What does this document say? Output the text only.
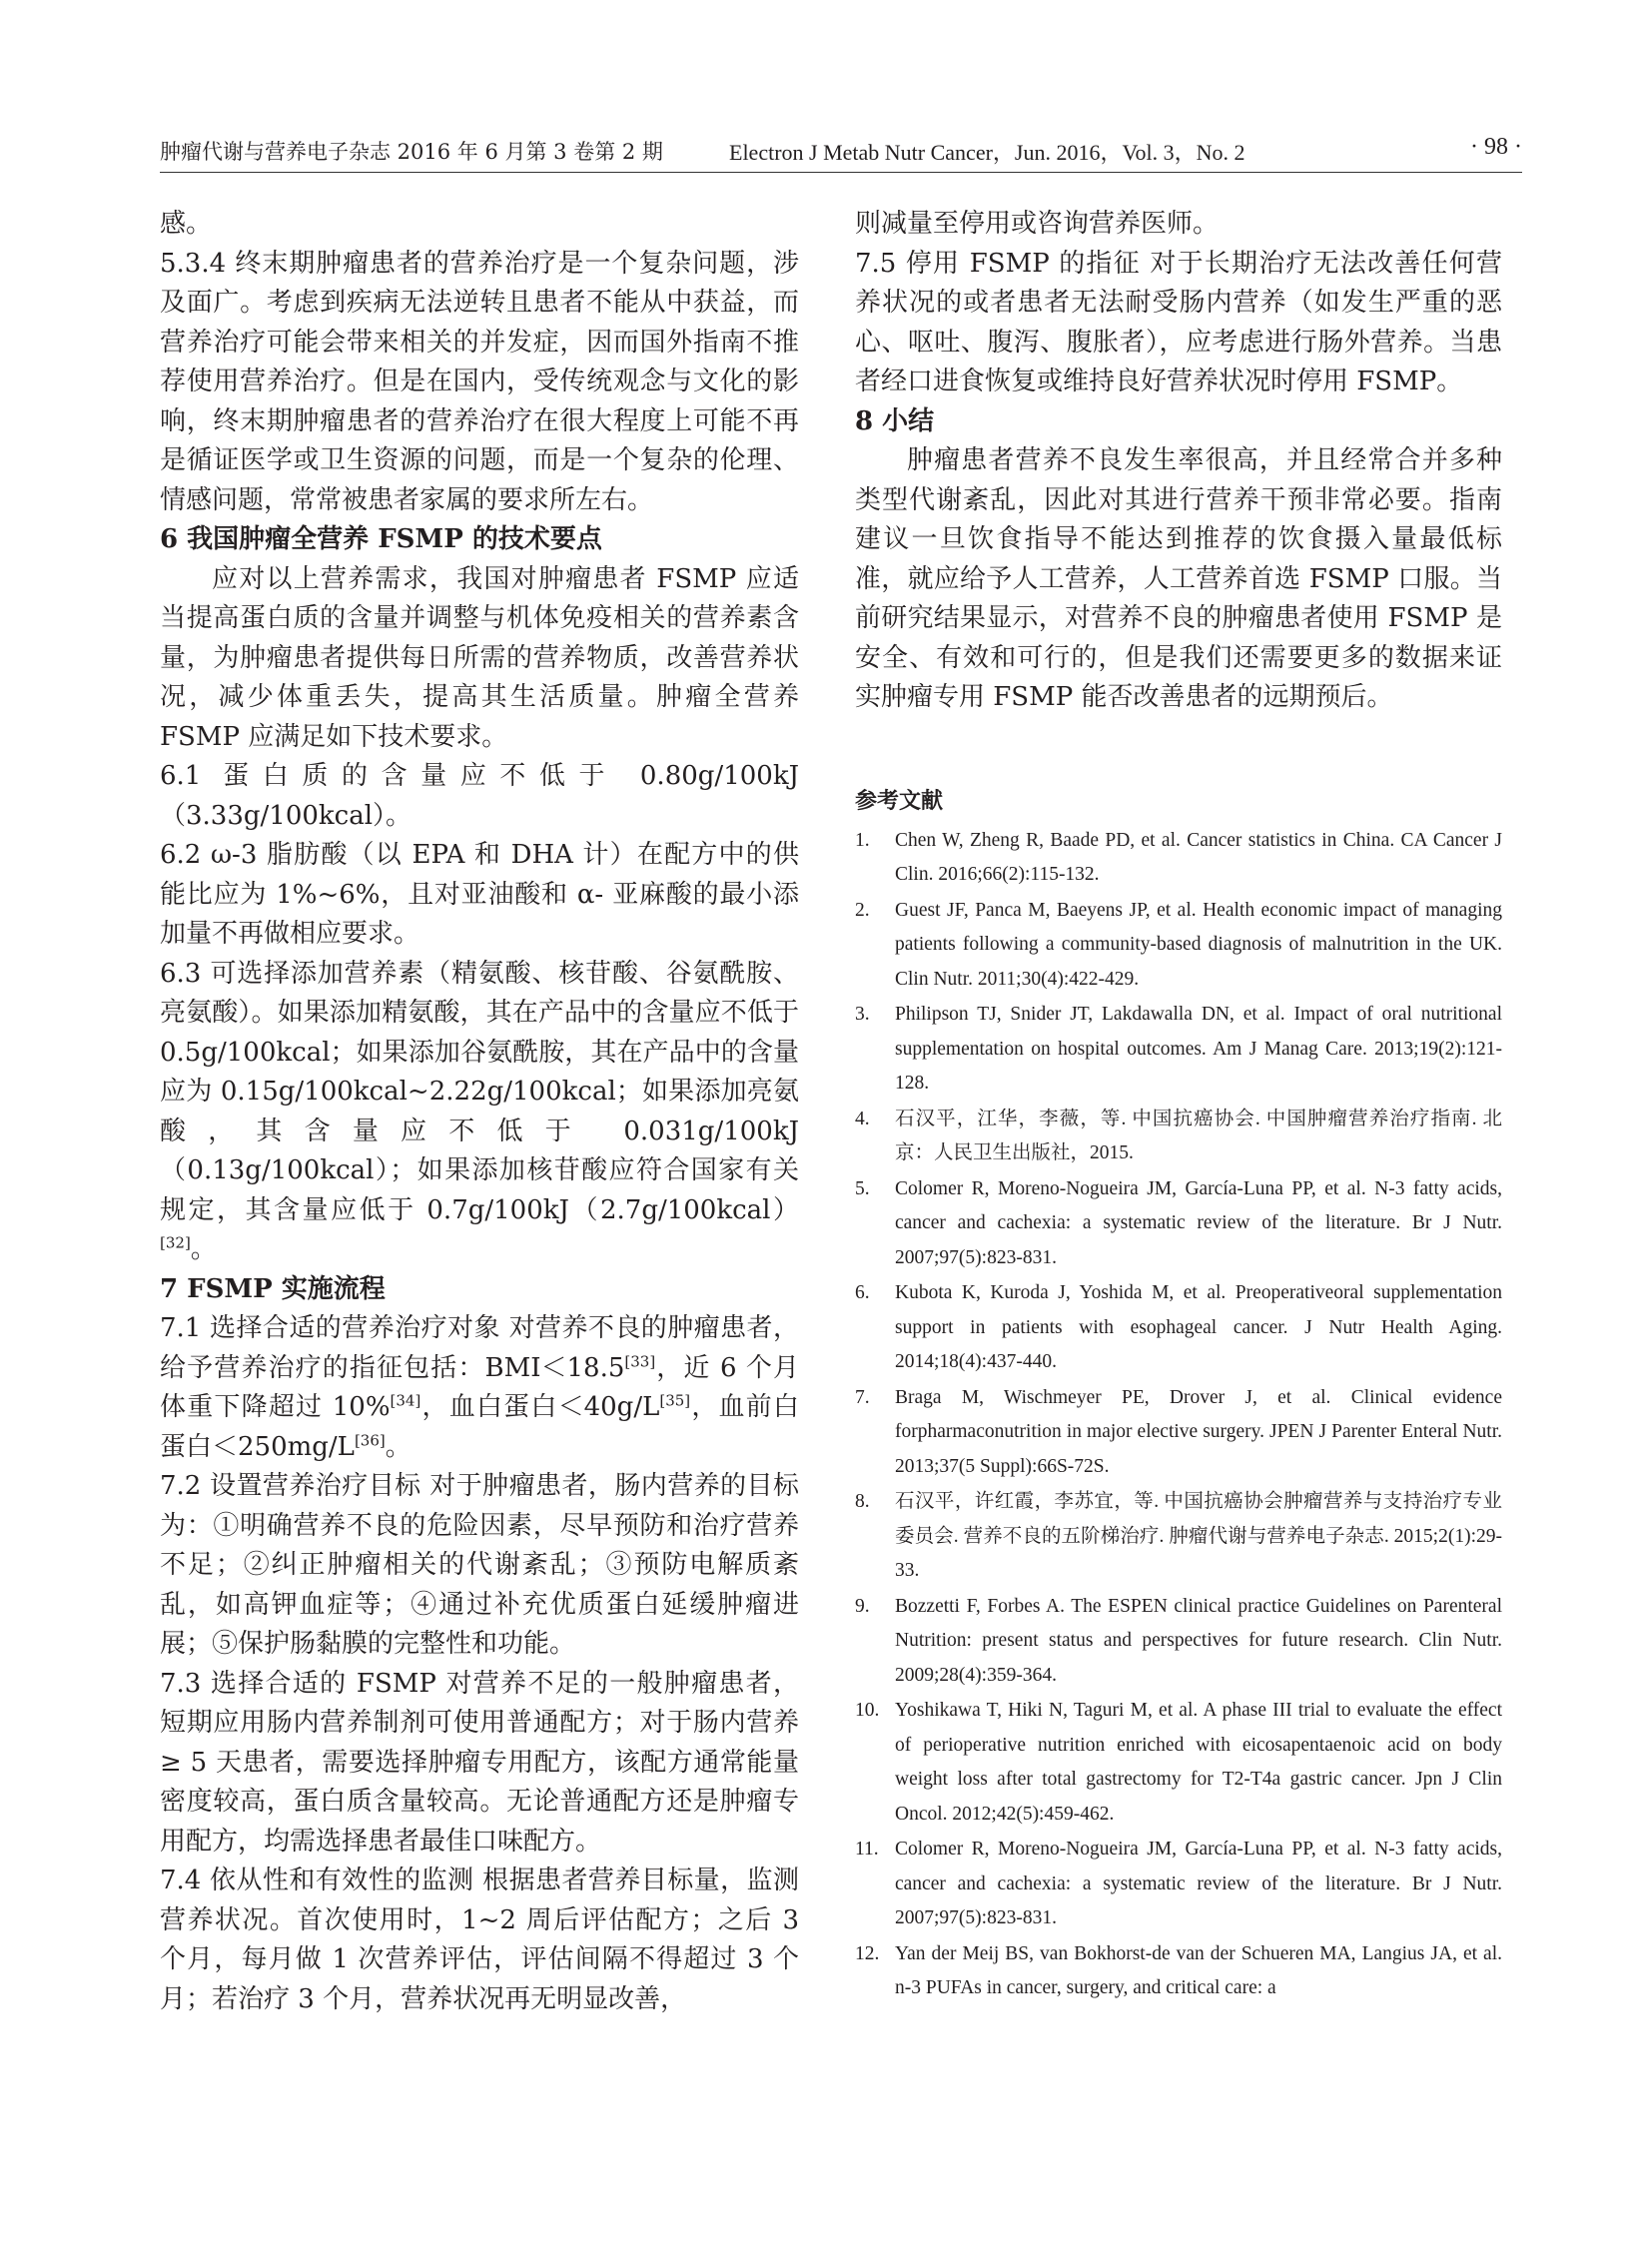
肿瘤代谢与营养电子杂志 2016 年 6 月第 3 卷第 2 期	Electron J Metab Nutr Cancer，Jun. 2016，Vol. 3，No. 2	· 98 ·

感。

5.3.4 终末期肿瘤患者的营养治疗是一个复杂问题，涉及面广。考虑到疾病无法逆转且患者不能从中获益，而营养治疗可能会带来相关的并发症，因而国外指南不推荐使用营养治疗。但是在国内，受传统观念与文化的影响，终末期肿瘤患者的营养治疗在很大程度上可能不再是循证医学或卫生资源的问题，而是一个复杂的伦理、情感问题，常常被患者家属的要求所左右。

6 我国肿瘤全营养 FSMP 的技术要点

应对以上营养需求，我国对肿瘤患者 FSMP 应适当提高蛋白质的含量并调整与机体免疫相关的营养素含量，为肿瘤患者提供每日所需的营养物质，改善营养状况，减少体重丢失，提高其生活质量。肿瘤全营养 FSMP 应满足如下技术要求。

6.1 蛋白质的含量应不低于 0.80g/100kJ（3.33g/100kcal）。

6.2 ω-3 脂肪酸（以 EPA 和 DHA 计）在配方中的供能比应为 1%~6%，且对亚油酸和 α- 亚麻酸的最小添加量不再做相应要求。

6.3 可选择添加营养素（精氨酸、核苷酸、谷氨酰胺、亮氨酸）。如果添加精氨酸，其在产品中的含量应不低于 0.5g/100kcal；如果添加谷氨酰胺，其在产品中的含量应为 0.15g/100kcal~2.22g/100kcal；如果添加亮氨酸，其含量应不低于 0.031g/100kJ（0.13g/100kcal）；如果添加核苷酸应符合国家有关规定，其含量应低于 0.7g/100kJ（2.7g/100kcal）[32]。

7 FSMP 实施流程

7.1 选择合适的营养治疗对象 对营养不良的肿瘤患者，给予营养治疗的指征包括：BMI＜18.5[33]，近 6 个月体重下降超过 10%[34]，血白蛋白＜40g/L[35]，血前白蛋白＜250mg/L[36]。

7.2 设置营养治疗目标 对于肿瘤患者，肠内营养的目标为：①明确营养不良的危险因素，尽早预防和治疗营养不足；②纠正肿瘤相关的代谢紊乱；③预防电解质紊乱，如高钾血症等；④通过补充优质蛋白延缓肿瘤进展；⑤保护肠黏膜的完整性和功能。

7.3 选择合适的 FSMP 对营养不足的一般肿瘤患者，短期应用肠内营养制剂可使用普通配方；对于肠内营养≥ 5 天患者，需要选择肿瘤专用配方，该配方通常能量密度较高，蛋白质含量较高。无论普通配方还是肿瘤专用配方，均需选择患者最佳口味配方。

7.4 依从性和有效性的监测 根据患者营养目标量，监测营养状况。首次使用时，1~2 周后评估配方；之后 3 个月，每月做 1 次营养评估，评估间隔不得超过 3 个月；若治疗 3 个月，营养状况再无明显改善，

则减量至停用或咨询营养医师。

7.5 停用 FSMP 的指征 对于长期治疗无法改善任何营养状况的或者患者无法耐受肠内营养（如发生严重的恶心、呕吐、腹泻、腹胀者），应考虑进行肠外营养。当患者经口进食恢复或维持良好营养状况时停用 FSMP。

8 小结

肿瘤患者营养不良发生率很高，并且经常合并多种类型代谢紊乱，因此对其进行营养干预非常必要。指南建议一旦饮食指导不能达到推荐的饮食摄入量最低标准，就应给予人工营养，人工营养首选 FSMP 口服。当前研究结果显示，对营养不良的肿瘤患者使用 FSMP 是安全、有效和可行的，但是我们还需要更多的数据来证实肿瘤专用 FSMP 能否改善患者的远期预后。

参考文献
1.	Chen W, Zheng R, Baade PD, et al. Cancer statistics in China. CA Cancer J Clin. 2016;66(2):115-132.
2.	Guest JF, Panca M, Baeyens JP, et al. Health economic impact of managing patients following a community-based diagnosis of malnutrition in the UK. Clin Nutr. 2011;30(4):422-429.
3.	Philipson TJ, Snider JT, Lakdawalla DN, et al. Impact of oral nutritional supplementation on hospital outcomes. Am J Manag Care. 2013;19(2):121-128.
4.	石汉平，江华，李薇，等. 中国抗癌协会. 中国肿瘤营养治疗指南. 北京：人民卫生出版社，2015.
5.	Colomer R, Moreno-Nogueira JM, García-Luna PP, et al. N-3 fatty acids, cancer and cachexia: a systematic review of the literature. Br J Nutr. 2007;97(5):823-831.
6.	Kubota K, Kuroda J, Yoshida M, et al. Preoperativeoral supplementation support in patients with esophageal cancer. J Nutr Health Aging. 2014;18(4):437-440.
7.	Braga M, Wischmeyer PE, Drover J, et al. Clinical evidence forpharmaconutrition in major elective surgery. JPEN J Parenter Enteral Nutr. 2013;37(5 Suppl):66S-72S.
8.	石汉平，许红霞，李苏宜，等. 中国抗癌协会肿瘤营养与支持治疗专业委员会. 营养不良的五阶梯治疗. 肿瘤代谢与营养电子杂志. 2015;2(1):29-33.
9.	Bozzetti F, Forbes A. The ESPEN clinical practice Guidelines on Parenteral Nutrition: present status and perspectives for future research. Clin Nutr. 2009;28(4):359-364.
10. Yoshikawa T, Hiki N, Taguri M, et al. A phase III trial to evaluate the effect of perioperative nutrition enriched with eicosapentaenoic acid on body weight loss after total gastrectomy for T2-T4a gastric cancer. Jpn J Clin Oncol. 2012;42(5):459-462.
11. Colomer R, Moreno-Nogueira JM, García-Luna PP, et al. N-3 fatty acids, cancer and cachexia: a systematic review of the literature. Br J Nutr. 2007;97(5):823-831.
12. Yan der Meij BS, van Bokhorst-de van der Schueren MA, Langius JA, et al. n-3 PUFAs in cancer, surgery, and critical care: a
